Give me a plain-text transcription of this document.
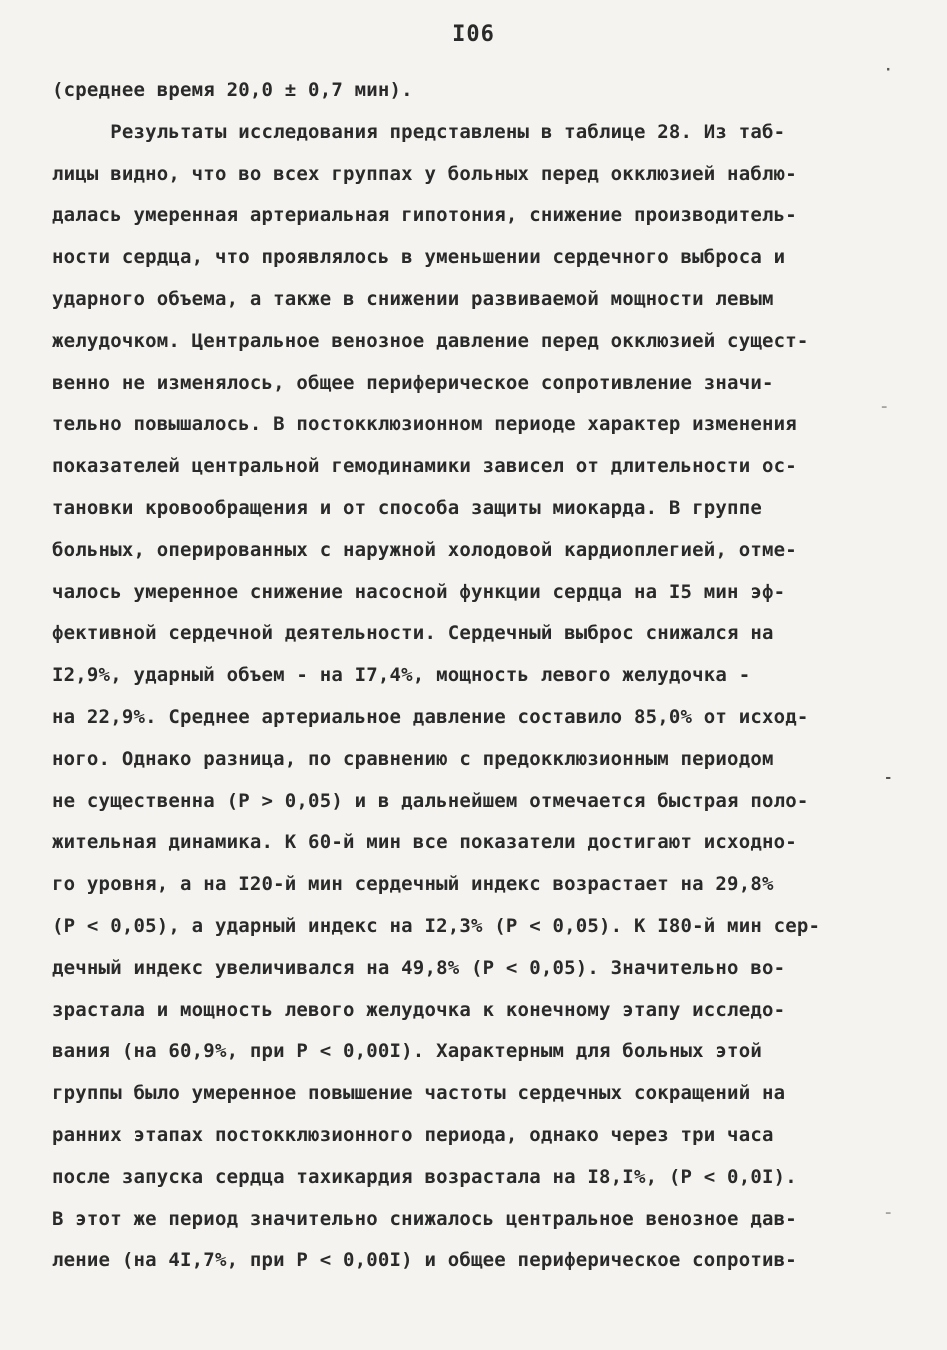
I06
(среднее время 20,0 ± 0,7 мин).
Результаты исследования представлены в таблице 28. Из таб-
лицы видно, что во всех группах у больных перед окклюзией наблю-
далась умеренная артериальная гипотония, снижение производитель-
ности сердца, что проявлялось в уменьшении сердечного выброса и
ударного объема, а также в снижении развиваемой мощности левым
желудочком. Центральное венозное давление перед окклюзией сущест-
венно не изменялось, общее периферическое сопротивление значи-
тельно повышалось. В постокклюзионном периоде характер изменения
показателей центральной гемодинамики зависел от длительности ос-
тановки кровообращения и от способа защиты миокарда. В группе
больных, оперированных с наружной холодовой кардиоплегией, отме-
чалось умеренное снижение насосной функции сердца на I5 мин эф-
фективной сердечной деятельности. Сердечный выброс снижался на
I2,9%, ударный объем - на I7,4%, мощность левого желудочка -
на 22,9%. Среднее артериальное давление составило 85,0% от исход-
ного. Однако разница, по сравнению с предокклюзионным периодом
не существенна (P > 0,05) и в дальнейшем отмечается быстрая поло-
жительная динамика. К 60-й мин все показатели достигают исходно-
го уровня, а на I20-й мин сердечный индекс возрастает на 29,8%
(P < 0,05), а ударный индекс на I2,3% (P < 0,05). К I80-й мин сер-
дечный индекс увеличивался на 49,8% (P < 0,05). Значительно во-
зрастала и мощность левого желудочка к конечному этапу исследо-
вания (на 60,9%, при P < 0,00I). Характерным для больных этой
группы было умеренное повышение частоты сердечных сокращений на
ранних этапах постокклюзионного периода, однако через три часа
после запуска сердца тахикардия возрастала на I8,I%, (P < 0,0I).
В этот же период значительно снижалось центральное венозное дав-
ление (на 4I,7%, при P < 0,00I) и общее периферическое сопротив-
·
⁻
‐
⁻
